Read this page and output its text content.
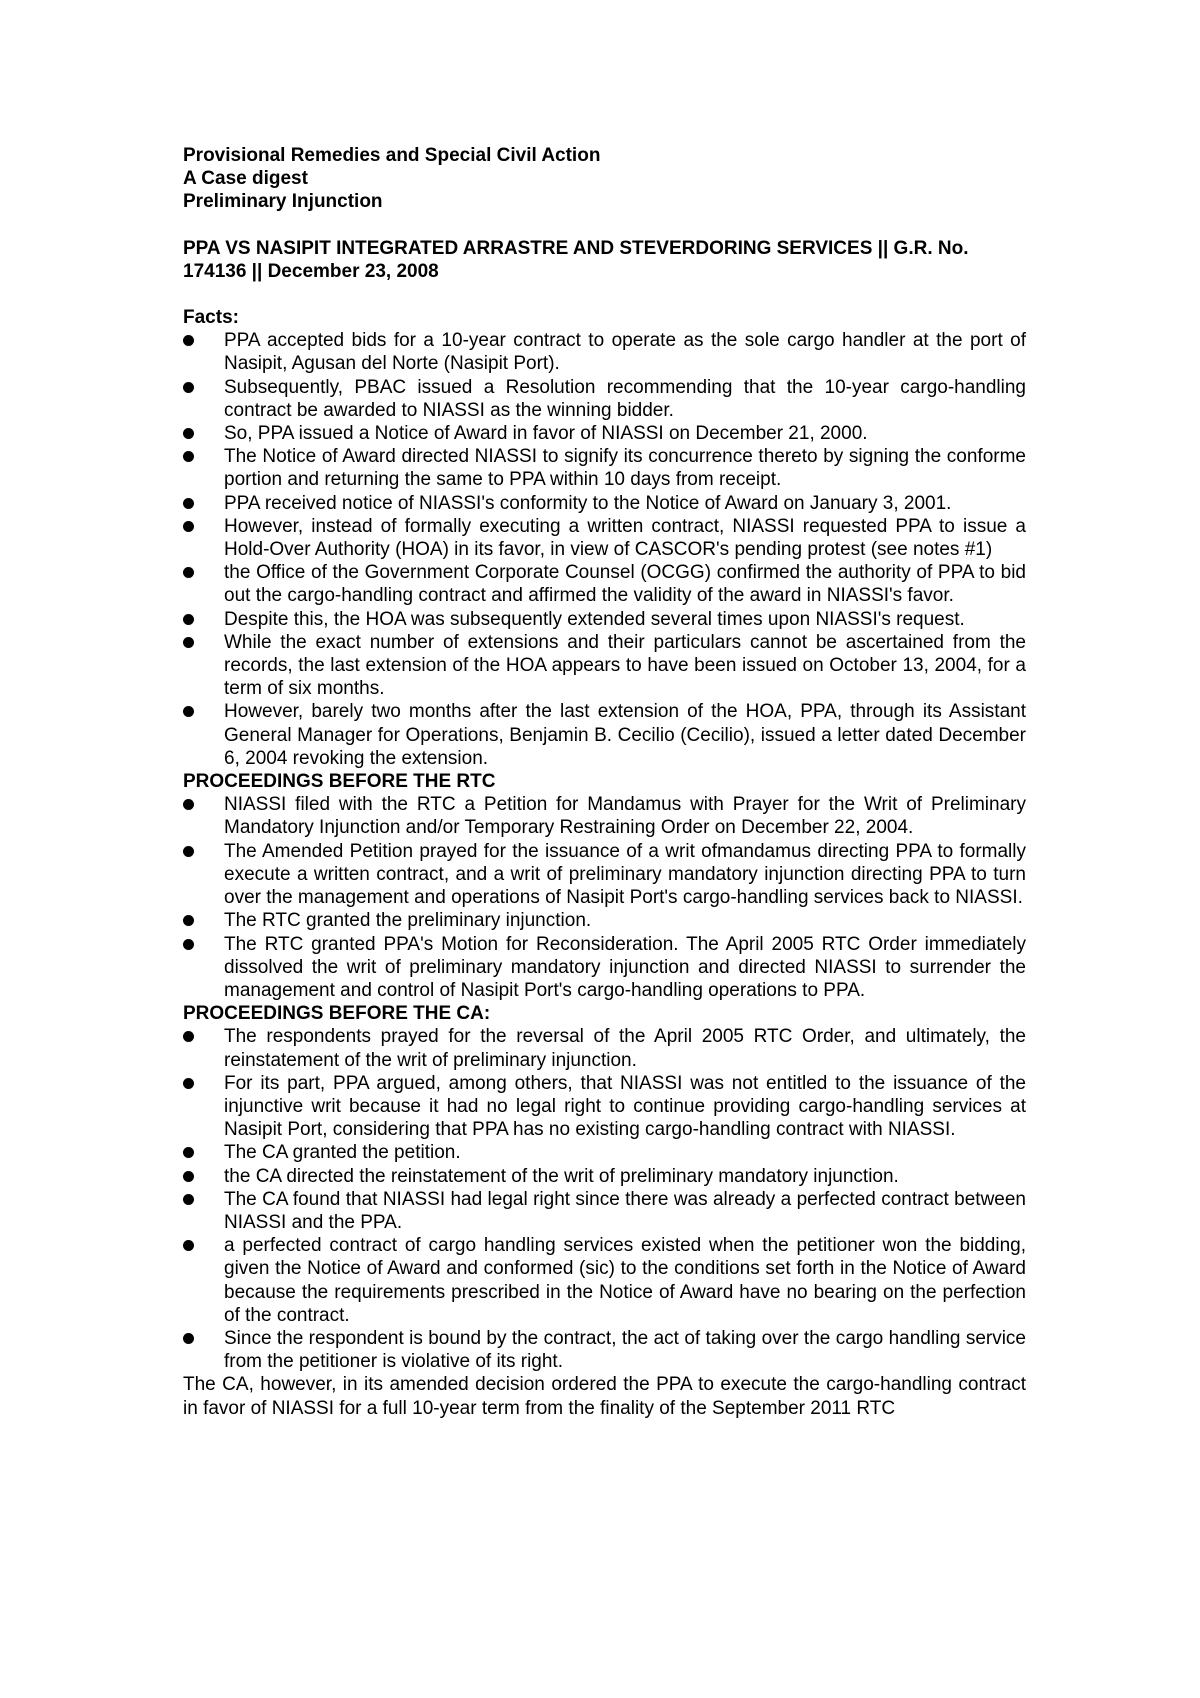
Provisional Remedies and Special Civil Action

A Case digest

Preliminary Injunction

PPA VS NASIPIT INTEGRATED ARRASTRE AND STEVERDORING SERVICES || G.R. No. 174136 || December 23, 2008

Facts:

PPA accepted bids for a 10-year contract to operate as the sole cargo handler at the port of Nasipit, Agusan del Norte (Nasipit Port).
Subsequently, PBAC issued a Resolution recommending that the 10-year cargo-handling contract be awarded to NIASSI as the winning bidder.
So, PPA issued a Notice of Award in favor of NIASSI on December 21, 2000.
The Notice of Award directed NIASSI to signify its concurrence thereto by signing the conforme portion and returning the same to PPA within 10 days from receipt.
PPA received notice of NIASSI's conformity to the Notice of Award on January 3, 2001.
However, instead of formally executing a written contract, NIASSI requested PPA to issue a Hold-Over Authority (HOA) in its favor, in view of CASCOR's pending protest (see notes #1)
the Office of the Government Corporate Counsel (OCGG) confirmed the authority of PPA to bid out the cargo-handling contract and affirmed the validity of the award in NIASSI's favor.
Despite this, the HOA was subsequently extended several times upon NIASSI's request.
While the exact number of extensions and their particulars cannot be ascertained from the records, the last extension of the HOA appears to have been issued on October 13, 2004, for a term of six months.
However, barely two months after the last extension of the HOA, PPA, through its Assistant General Manager for Operations, Benjamin B. Cecilio (Cecilio), issued a letter dated December 6, 2004 revoking the extension.

PROCEEDINGS BEFORE THE RTC

NIASSI filed with the RTC a Petition for Mandamus with Prayer for the Writ of Preliminary Mandatory Injunction and/or Temporary Restraining Order on December 22, 2004.
The Amended Petition prayed for the issuance of a writ ofmandamus directing PPA to formally execute a written contract, and a writ of preliminary mandatory injunction directing PPA to turn over the management and operations of Nasipit Port's cargo-handling services back to NIASSI.
The RTC granted the preliminary injunction.
The RTC granted PPA's Motion for Reconsideration. The April 2005 RTC Order immediately dissolved the writ of preliminary mandatory injunction and directed NIASSI to surrender the management and control of Nasipit Port's cargo-handling operations to PPA.

PROCEEDINGS BEFORE THE CA:

The respondents prayed for the reversal of the April 2005 RTC Order, and ultimately, the reinstatement of the writ of preliminary injunction.
For its part, PPA argued, among others, that NIASSI was not entitled to the issuance of the injunctive writ because it had no legal right to continue providing cargo-handling services at Nasipit Port, considering that PPA has no existing cargo-handling contract with NIASSI.
The CA granted the petition.
the CA directed the reinstatement of the writ of preliminary mandatory injunction.
The CA found that NIASSI had legal right since there was already a perfected contract between NIASSI and the PPA.
a perfected contract of cargo handling services existed when the petitioner won the bidding, given the Notice of Award and conformed (sic) to the conditions set forth in the Notice of Award because the requirements prescribed in the Notice of Award have no bearing on the perfection of the contract.
Since the respondent is bound by the contract, the act of taking over the cargo handling service from the petitioner is violative of its right.

The CA, however, in its amended decision ordered the PPA to execute the cargo-handling contract in favor of NIASSI for a full 10-year term from the finality of the September 2011 RTC
